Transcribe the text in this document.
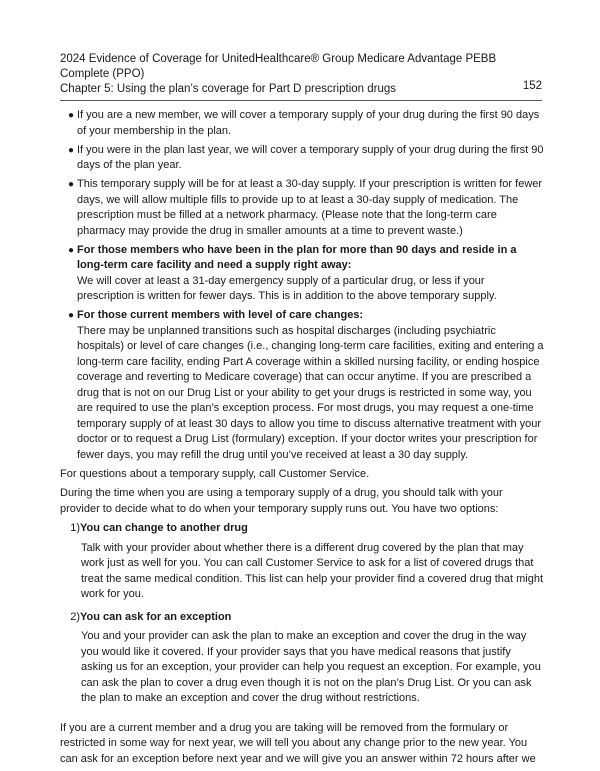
2024 Evidence of Coverage for UnitedHealthcare® Group Medicare Advantage PEBB Complete (PPO)
Chapter 5: Using the plan’s coverage for Part D prescription drugs	152
● If you are a new member, we will cover a temporary supply of your drug during the first 90 days of your membership in the plan.
● If you were in the plan last year, we will cover a temporary supply of your drug during the first 90 days of the plan year.
● This temporary supply will be for at least a 30-day supply. If your prescription is written for fewer days, we will allow multiple fills to provide up to at least a 30-day supply of medication. The prescription must be filled at a network pharmacy. (Please note that the long-term care pharmacy may provide the drug in smaller amounts at a time to prevent waste.)
● For those members who have been in the plan for more than 90 days and reside in a long-term care facility and need a supply right away:
We will cover at least a 31-day emergency supply of a particular drug, or less if your prescription is written for fewer days. This is in addition to the above temporary supply.
● For those current members with level of care changes:
There may be unplanned transitions such as hospital discharges (including psychiatric hospitals) or level of care changes (i.e., changing long-term care facilities, exiting and entering a long-term care facility, ending Part A coverage within a skilled nursing facility, or ending hospice coverage and reverting to Medicare coverage) that can occur anytime. If you are prescribed a drug that is not on our Drug List or your ability to get your drugs is restricted in some way, you are required to use the plan’s exception process. For most drugs, you may request a one-time temporary supply of at least 30 days to allow you time to discuss alternative treatment with your doctor or to request a Drug List (formulary) exception. If your doctor writes your prescription for fewer days, you may refill the drug until you’ve received at least a 30 day supply.

For questions about a temporary supply, call Customer Service.

During the time when you are using a temporary supply of a drug, you should talk with your provider to decide what to do when your temporary supply runs out. You have two options:

1) You can change to another drug
Talk with your provider about whether there is a different drug covered by the plan that may work just as well for you. You can call Customer Service to ask for a list of covered drugs that treat the same medical condition. This list can help your provider find a covered drug that might work for you.
2) You can ask for an exception
You and your provider can ask the plan to make an exception and cover the drug in the way you would like it covered. If your provider says that you have medical reasons that justify asking us for an exception, your provider can help you request an exception. For example, you can ask the plan to cover a drug even though it is not on the plan’s Drug List. Or you can ask the plan to make an exception and cover the drug without restrictions.

If you are a current member and a drug you are taking will be removed from the formulary or restricted in some way for next year, we will tell you about any change prior to the new year. You can ask for an exception before next year and we will give you an answer within 72 hours after we
